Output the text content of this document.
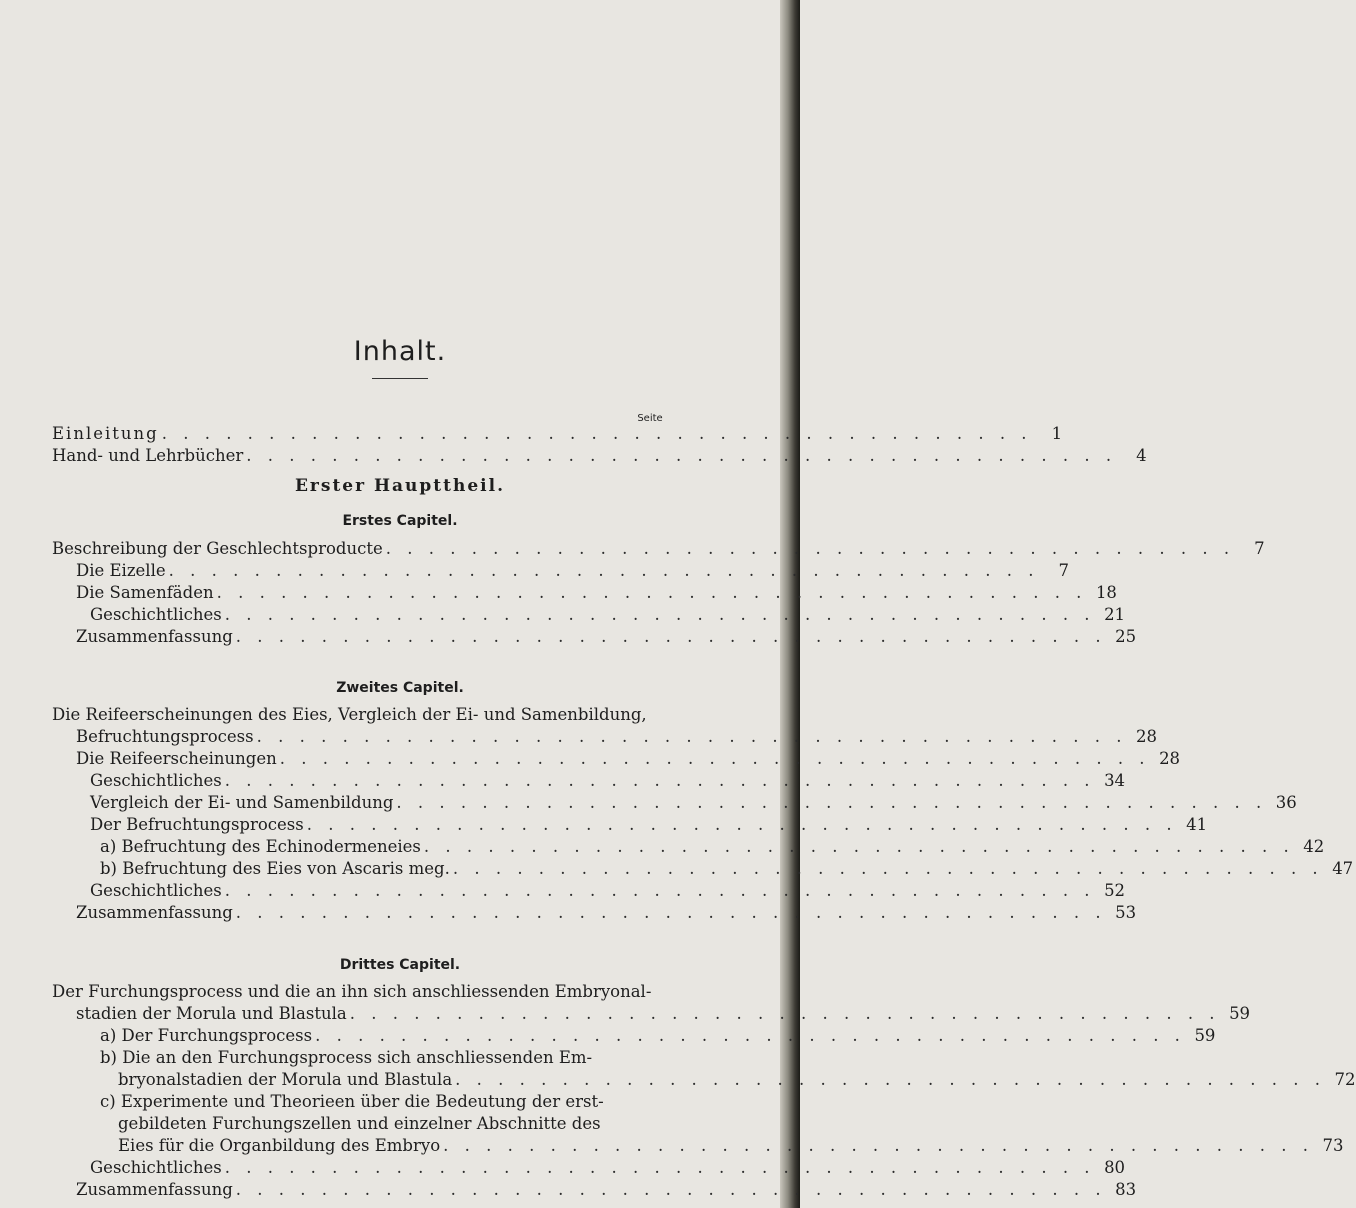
Inhalt.
Seite
Einleitung . . . . . . . . . . . . . . . . . . . . . . . . . . . . . . . . . . . . . . . . .	1
Hand- und Lehrbücher . . . . . . . . . . . . . . . . . . . . . . . . . . . . . . . . . . . . . . . . .	4
Erster Haupttheil.
Erstes Capitel.
Beschreibung der Geschlechtsproducte . . . . . . . . . . . . . . . . . . . . . . . . . . . . . . . . . . . . . . . .	7
Die Eizelle . . . . . . . . . . . . . . . . . . . . . . . . . . . . . . . . . . . . . . . . .	7
Die Samenfäden . . . . . . . . . . . . . . . . . . . . . . . . . . . . . . . . . . . . . . . . . 18
Geschichtliches . . . . . . . . . . . . . . . . . . . . . . . . . . . . . . . . . . . . . . . . . 21
Zusammenfassung . . . . . . . . . . . . . . . . . . . . . . . . . . . . . . . . . . . . . . . . . 25
Zweites Capitel.
Die Reifeerscheinungen des Eies, Vergleich der Ei- und Samenbildung,
Befruchtungsprocess . . . . . . . . . . . . . . . . . . . . . . . . . . . . . . . . . . . . . . . . . 28
Die Reifeerscheinungen . . . . . . . . . . . . . . . . . . . . . . . . . . . . . . . . . . . . . . . . . 28
Geschichtliches . . . . . . . . . . . . . . . . . . . . . . . . . . . . . . . . . . . . . . . . . 34
Vergleich der Ei- und Samenbildung . . . . . . . . . . . . . . . . . . . . . . . . . . . . . . . . . . . . . . . . . 36
Der Befruchtungsprocess . . . . . . . . . . . . . . . . . . . . . . . . . . . . . . . . . . . . . . . . . 41
a) Befruchtung des Echinodermeneies . . . . . . . . . . . . . . . . . . . . . . . . . . . . . . . . . . . . . . . . . 42
b) Befruchtung des Eies von Ascaris meg. . . . . . . . . . . . . . . . . . . . . . . . . . . . . . . . . . . . . . . . . . 47
Geschichtliches . . . . . . . . . . . . . . . . . . . . . . . . . . . . . . . . . . . . . . . . . 52
Zusammenfassung . . . . . . . . . . . . . . . . . . . . . . . . . . . . . . . . . . . . . . . . . 53
Drittes Capitel.
Der Furchungsprocess und die an ihn sich anschliessenden Embryonal-
stadien der Morula und Blastula . . . . . . . . . . . . . . . . . . . . . . . . . . . . . . . . . . . . . . . . . 59
a) Der Furchungsprocess . . . . . . . . . . . . . . . . . . . . . . . . . . . . . . . . . . . . . . . . . 59
b) Die an den Furchungsprocess sich anschliessenden Em-
bryonalstadien der Morula und Blastula . . . . . . . . . . . . . . . . . . . . . . . . . . . . . . . . . . . . . . . . . 72
c) Experimente und Theorieen über die Bedeutung der erst-
gebildeten Furchungszellen und einzelner Abschnitte des
Eies für die Organbildung des Embryo . . . . . . . . . . . . . . . . . . . . . . . . . . . . . . . . . . . . . . . . . 73
Geschichtliches . . . . . . . . . . . . . . . . . . . . . . . . . . . . . . . . . . . . . . . . . 80
Zusammenfassung . . . . . . . . . . . . . . . . . . . . . . . . . . . . . . . . . . . . . . . . . 83
